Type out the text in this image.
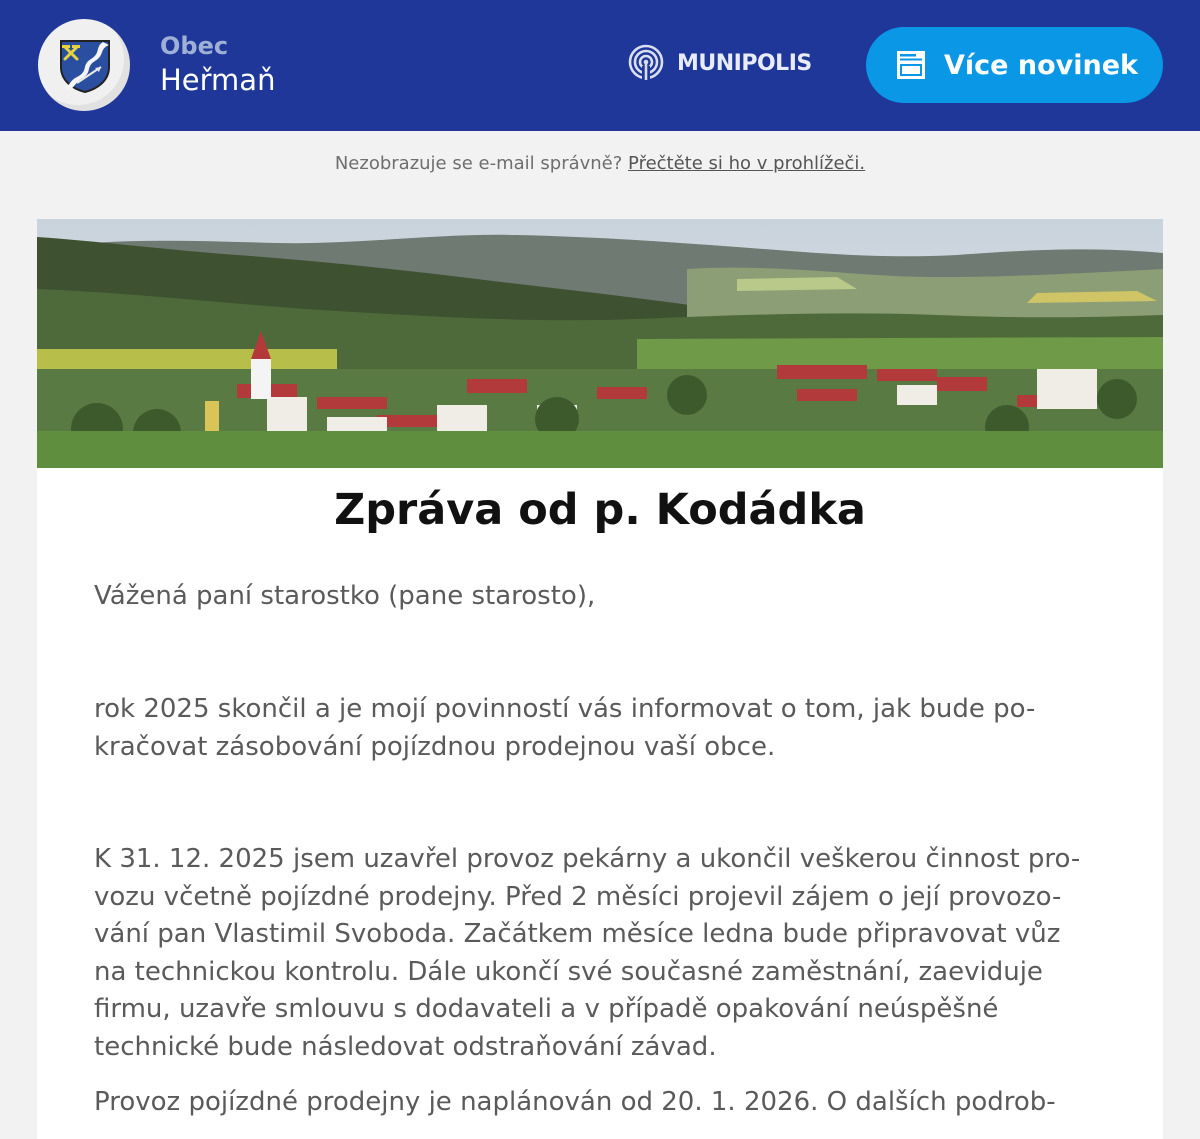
Obec
Heřmaň	MUNIPOLIS	Více novinek
Nezobrazuje se e-mail správně? Přečtěte si ho v prohlížeči.
Zpráva od p. Kodádka
Vážená paní starostko (pane starosto),
rok 2025 skončil a je mojí povinností vás informovat o tom, jak bude po-
kračovat zásobování pojízdnou prodejnou vaší obce.
K 31. 12. 2025 jsem uzavřel provoz pekárny a ukončil veškerou činnost pro-
vozu včetně pojízdné prodejny. Před 2 měsíci projevil zájem o její provozo-
vání pan Vlastimil Svoboda. Začátkem měsíce ledna bude připravovat vůz
na technickou kontrolu. Dále ukončí své současné zaměstnání, zaeviduje
firmu, uzavře smlouvu s dodavateli a v případě opakování neúspěšné
technické bude následovat odstraňování závad.
Provoz pojízdné prodejny je naplánován od 20. 1. 2026. O dalších podrob-
